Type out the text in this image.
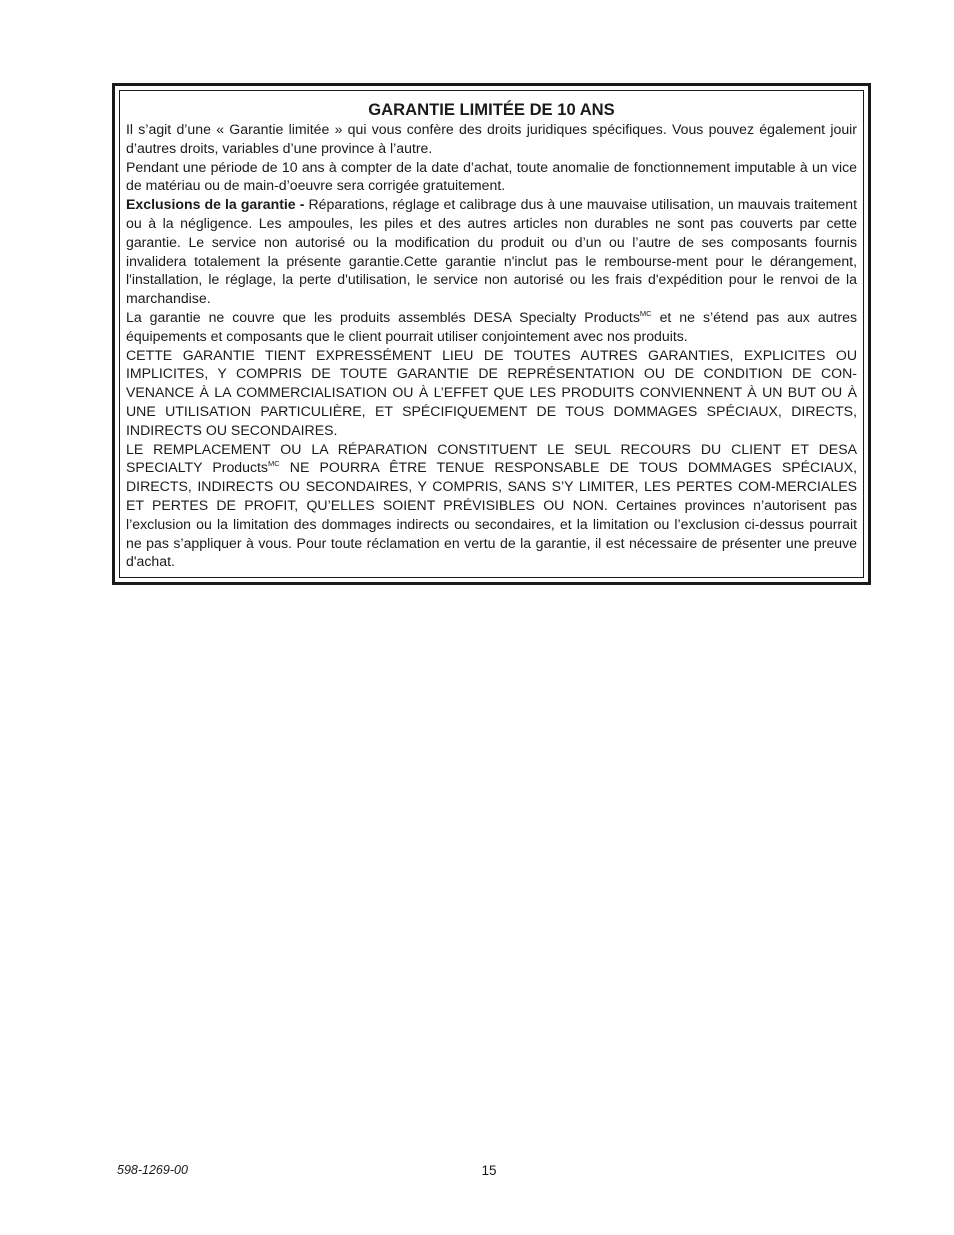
GARANTIE LIMITÉE DE 10 ANS

Il s’agit d’une « Garantie limitée » qui vous confère des droits juridiques spécifiques. Vous pouvez également jouir d’autres droits, variables d’une province à l’autre.

Pendant une période de 10 ans à compter de la date d’achat, toute anomalie de fonctionnement imputable à un vice de matériau ou de main-d’oeuvre sera corrigée gratuitement.

Exclusions de la garantie - Réparations, réglage et calibrage dus à une mauvaise utilisation, un mauvais traitement ou à la négligence. Les ampoules, les piles et des autres articles non durables ne sont pas couverts par cette garantie. Le service non autorisé ou la modification du produit ou d’un ou l’autre de ses composants fournis invalidera totalement la présente garantie.Cette garantie n'inclut pas le rembourse-ment pour le dérangement, l'installation, le réglage, la perte d'utilisation, le service non autorisé ou les frais d'expédition pour le renvoi de la marchandise.

La garantie ne couvre que les produits assemblés DESA Specialty Products$^{MC}$ et ne s’étend pas aux autres équipements et composants que le client pourrait utiliser conjointement avec nos produits.

CETTE GARANTIE TIENT EXPRESSÉMENT LIEU DE TOUTES AUTRES GARANTIES, EXPLICITES OU IMPLICITES, Y COMPRIS DE TOUTE GARANTIE DE REPRÉSENTATION OU DE CONDITION DE CON-VENANCE À LA COMMERCIALISATION OU À L’EFFET QUE LES PRODUITS CONVIENNENT À UN BUT OU À UNE UTILISATION PARTICULIÈRE, ET SPÉCIFIQUEMENT DE TOUS DOMMAGES SPÉCIAUX, DIRECTS, INDIRECTS OU SECONDAIRES.

LE REMPLACEMENT OU LA RÉPARATION CONSTITUENT LE SEUL RECOURS DU CLIENT ET DESA SPECIALTY Products$^{MC}$ NE POURRA ÊTRE TENUE RESPONSABLE DE TOUS DOMMAGES SPÉCIAUX, DIRECTS, INDIRECTS OU SECONDAIRES, Y COMPRIS, SANS S’Y LIMITER, LES PERTES COM-MERCIALES ET PERTES DE PROFIT, QU’ELLES SOIENT PRÉVISIBLES OU NON. Certaines provinces n’autorisent pas l’exclusion ou la limitation des dommages indirects ou secondaires, et la limitation ou l’exclusion ci-dessus pourrait ne pas s’appliquer à vous. Pour toute réclamation en vertu de la garantie, il est nécessaire de présenter une preuve d'achat.

598-1269-00	15
